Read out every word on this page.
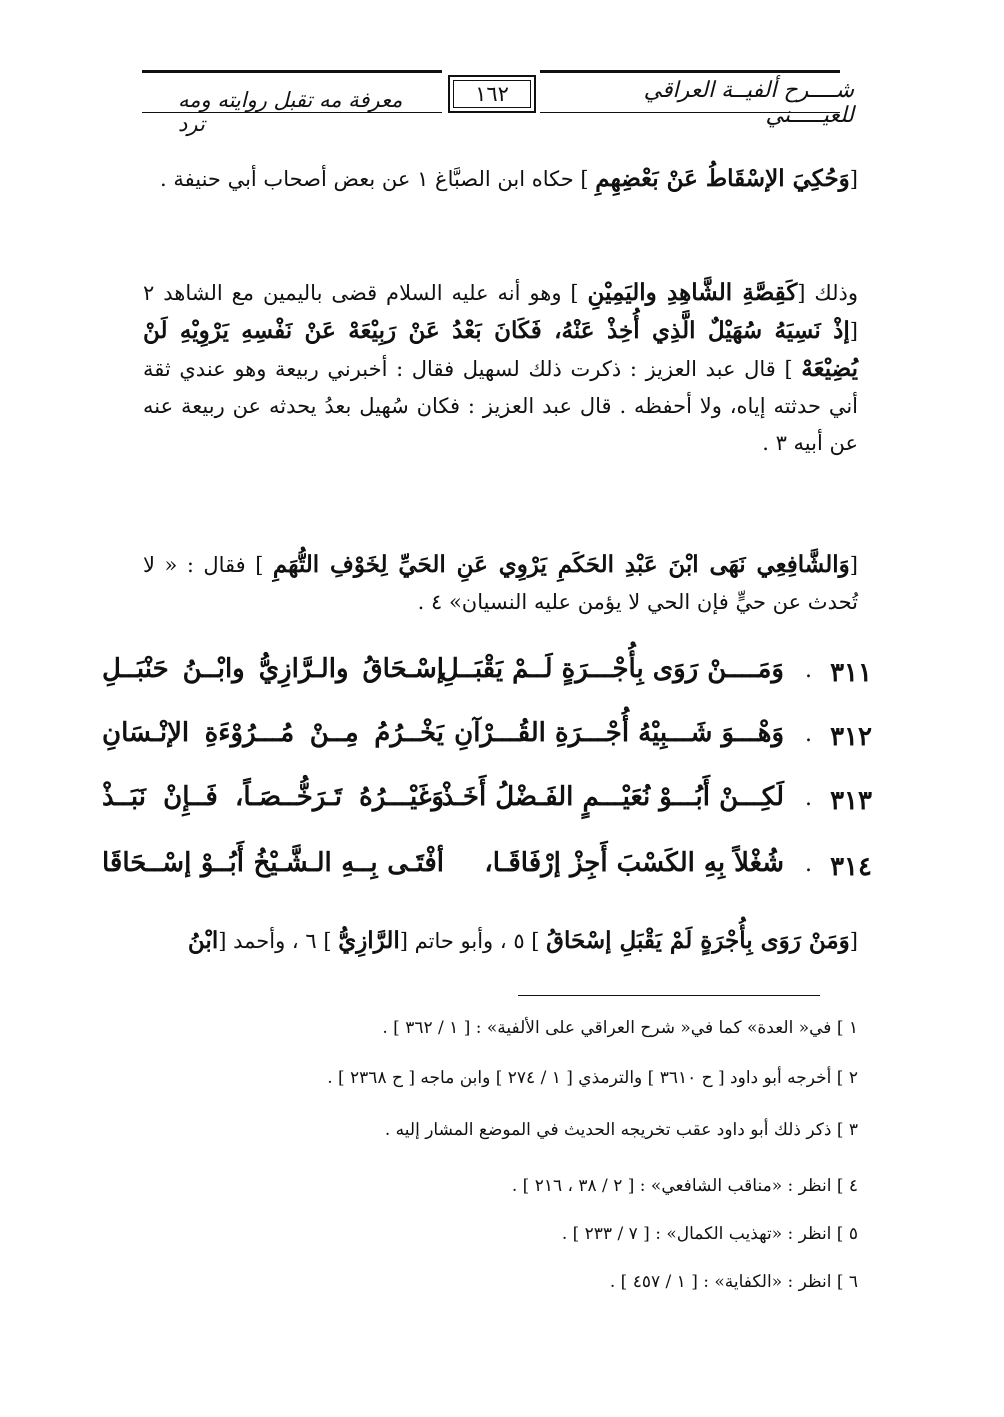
شــــرح ألفيــة العراقي للعيـــــني
١٦٢
معرفة مه تقبل روايته ومه ترد
[وَحُكِيَ الإسْقَاطُ عَنْ بَعْضِهِمِ ] حكاه ابن الصبَّاغ ١ عن بعض أصحاب أبي حنيفة .
وذلك [كَقِصَّةِ الشَّاهِدِ واليَمِيْنِ ] وهو أنه عليه السلام قضى باليمين مع الشاهد ٢ [إذْ نَسِيَهُ سُهَيْلٌ الَّذِي أُخِذْ عَنْهُ، فَكَانَ بَعْدُ عَنْ رَبِيْعَهْ عَنْ نَفْسِهِ يَرْوِيْهِ لَنْ يُضِيْعَهْ ] قال عبد العزيز : ذكرت ذلك لسهيل فقال : أخبرني ربيعة وهو عندي ثقة أني حدثته إياه، ولا أحفظه . قال عبد العزيز : فكان سُهيل بعدُ يحدثه عن ربيعة عنه عن أبيه ٣ .
[وَالشَّافِعِي نَهَى ابْنَ عَبْدِ الحَكَمِ يَرْوِي عَنِ الحَيِّ لِخَوْفِ التُّهَمِ ] فقال : « لا تُحدث عن حيٍّ فإن الحي لا يؤمن عليه النسيان» ٤ .
٣١١
.
وَمَــــنْ رَوَى بِأُجْـــرَةٍ لَــمْ يَقْبَــلِ
إسْـحَاقُ والـرَّازِيُّ وابْــنُ حَنْبَــلِ
٣١٢
.
وَهْـــوَ شَـــبِيْهُ أُجْـــرَةِ القُـــرْآنِ
يَخْــرُمُ مِــنْ مُـــرُوْءَةِ الإنْـسَانِ
٣١٣
.
لَكِـــنْ أَبُـــوْ نُعَيْـــمٍ الفَـضْلُ أَخَـذْ
وَغَيْـــرُهُ تَـرَخُّــصَـاً، فَــإِنْ نَبَــذْ
٣١٤
.
شُغْلاً بِهِ الكَسْبَ أَجِزْ إرْفَاقَـا،
أفْتَـى بِــهِ الـشَّـيْخُ أَبُــوْ إسْــحَاقَا
[وَمَنْ رَوَى بِأُجْرَةٍ لَمْ يَقْبَلِ إسْحَاقُ ] ٥ ، وأبو حاتم [الرَّازِيُّ ] ٦ ، وأحمد [ابْنُ
١ ] في« العدة» كما في« شرح العراقي على الألفية» : [ ١ / ٣٦٢ ] .
٢ ] أخرجه أبو داود [ ح ٣٦١٠ ] والترمذي [ ١ / ٢٧٤ ] وابن ماجه [ ح ٢٣٦٨ ] .
٣ ] ذكر ذلك أبو داود عقب تخريجه الحديث في الموضع المشار إليه .
٤ ] انظر : «مناقب الشافعي» : [ ٢ / ٣٨ ، ٢١٦ ] .
٥ ] انظر : «تهذيب الكمال» : [ ٧ / ٢٣٣ ] .
٦ ] انظر : «الكفاية» : [ ١ / ٤٥٧ ] .
